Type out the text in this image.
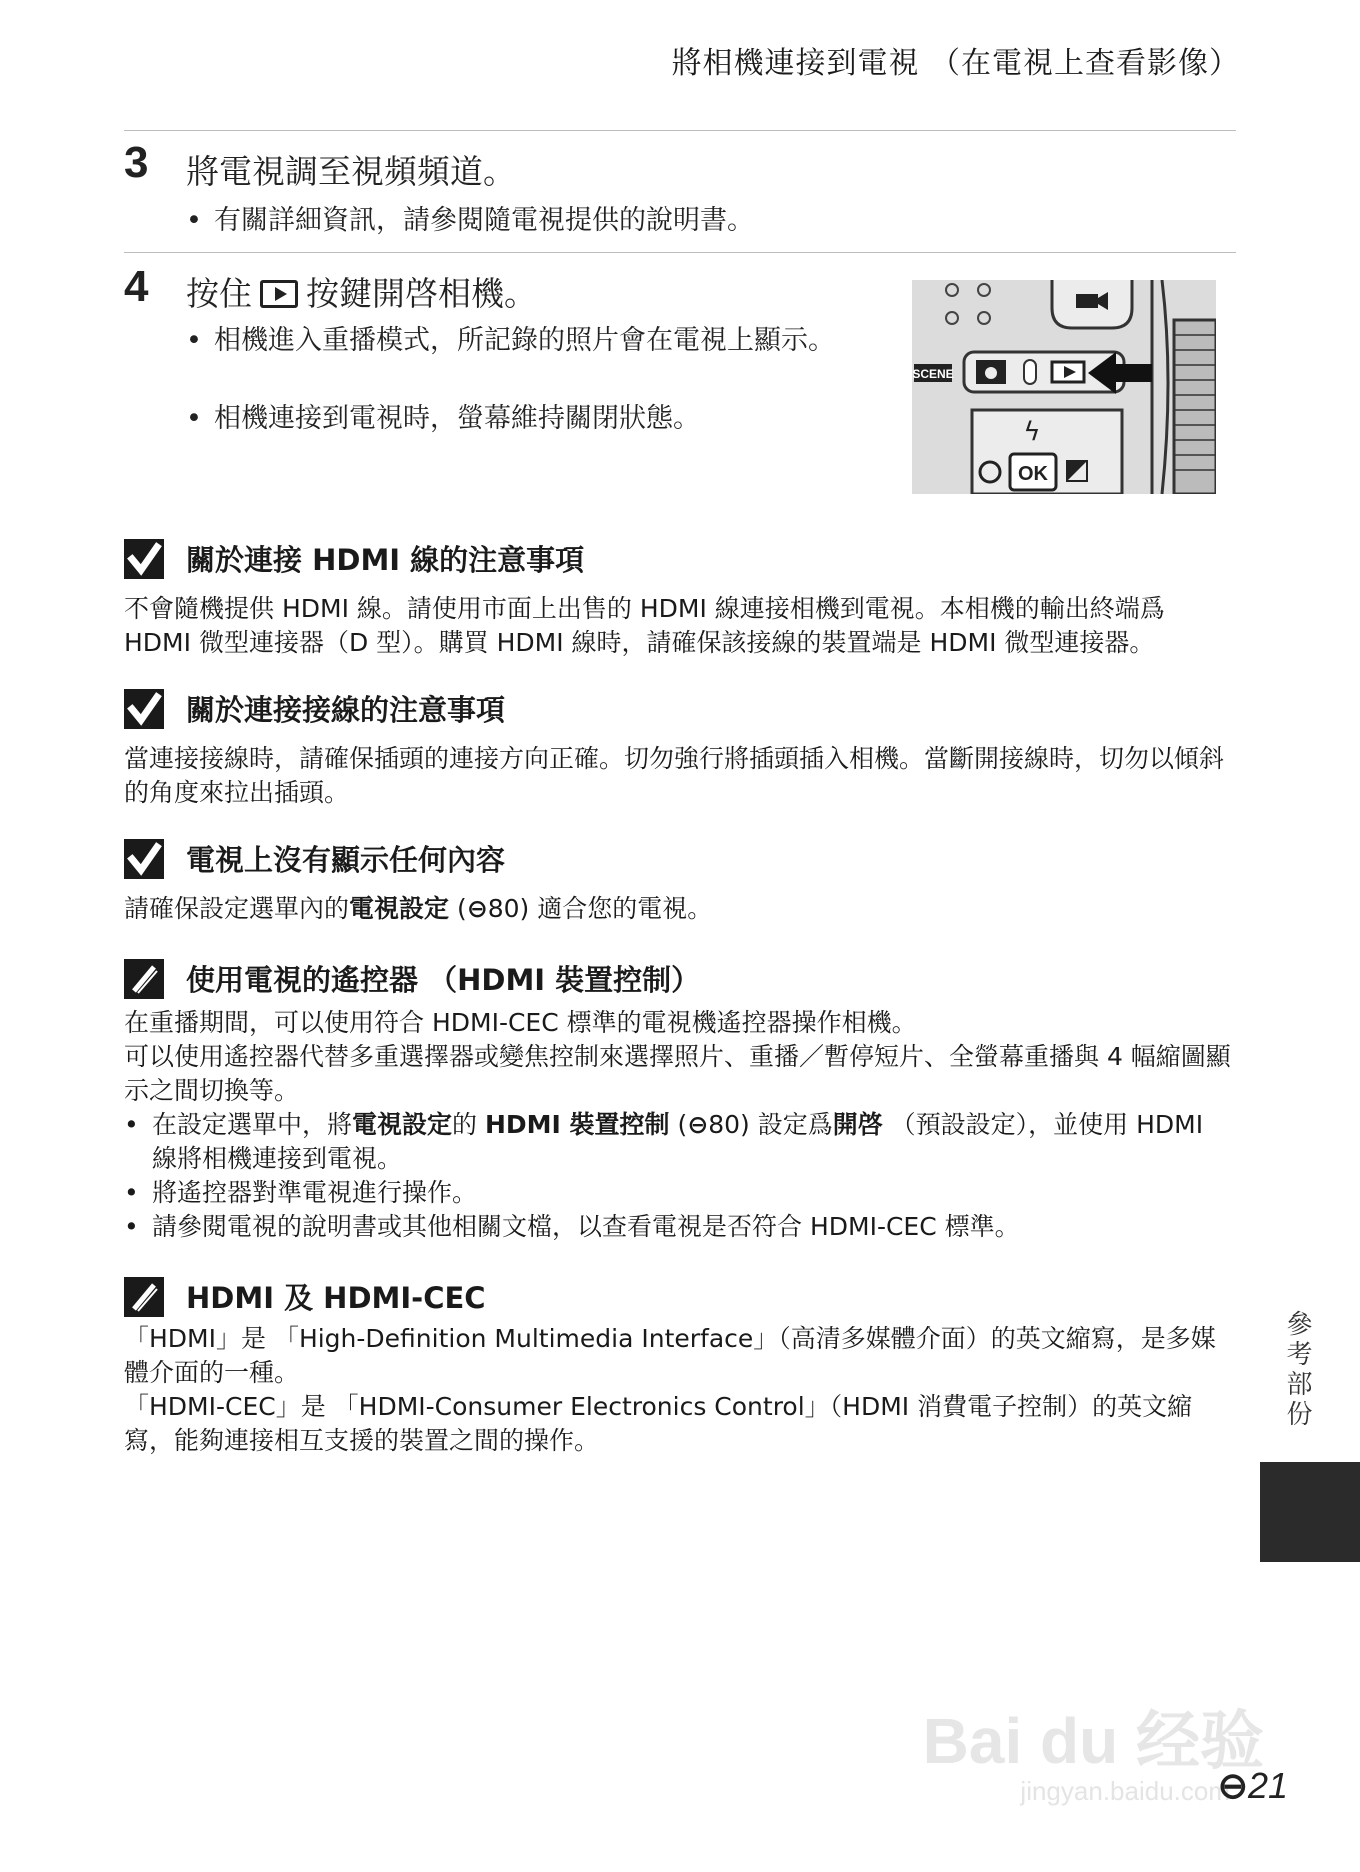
將相機連接到電視 （在電視上查看影像）
3 將電視調至視頻頻道。
• 有關詳細資訊，請參閱隨電視提供的說明書。
4 按住 按鍵開啓相機。
• 相機進入重播模式，所記錄的照片會在電視上顯示。
• 相機連接到電視時，螢幕維持關閉狀態。
SCENE
ϟ
OK
關於連接 HDMI 線的注意事項
不會隨機提供 HDMI 線。請使用市面上出售的 HDMI 線連接相機到電視。本相機的輸出終端爲 HDMI 微型連接器（D 型）。購買 HDMI 線時，請確保該接線的裝置端是 HDMI 微型連接器。
關於連接接線的注意事項
當連接接線時，請確保插頭的連接方向正確。切勿強行將插頭插入相機。當斷開接線時，切勿以傾斜的角度來拉出插頭。
電視上沒有顯示任何內容
請確保設定選單內的電視設定 (⊖80) 適合您的電視。
使用電視的遙控器 （HDMI 裝置控制）
在重播期間，可以使用符合 HDMI-CEC 標準的電視機遙控器操作相機。
可以使用遙控器代替多重選擇器或變焦控制來選擇照片、重播／暫停短片、全螢幕重播與 4 幅縮圖顯示之間切換等。
• 在設定選單中，將電視設定的 HDMI 裝置控制 (⊖80) 設定爲開啓 （預設設定），並使用 HDMI 線將相機連接到電視。
• 將遙控器對準電視進行操作。
• 請參閱電視的說明書或其他相關文檔，以查看電視是否符合 HDMI-CEC 標準。
HDMI 及 HDMI-CEC
「HDMI」是 「High-Definition Multimedia Interface」（高清多媒體介面）的英文縮寫，是多媒體介面的一種。
「HDMI-CEC」是 「HDMI-Consumer Electronics Control」（HDMI 消費電子控制）的英文縮寫，能夠連接相互支援的裝置之間的操作。
參考部份
Bai du 经验
jingyan.baidu.com
⊖21
